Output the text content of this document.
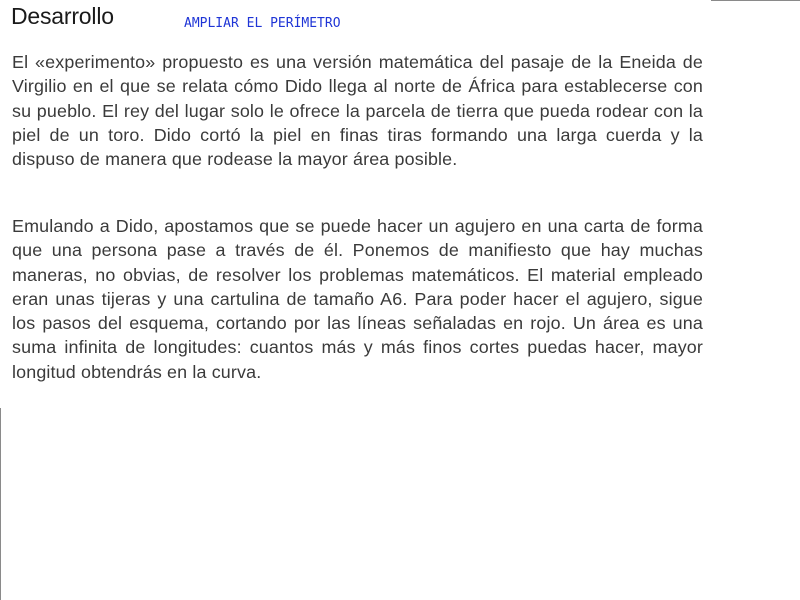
Desarrollo

El «experimento» propuesto es una versión matemática del pasaje de la Eneida de Virgilio en el que se relata cómo Dido llega al norte de África para establecerse con su pueblo. El rey del lugar solo le ofrece la parcela de tierra que pueda rodear con la piel de un toro. Dido cortó la piel en finas tiras formando una larga cuerda y la dispuso de manera que rodease la mayor área posible.

Emulando a Dido, apostamos que se puede hacer un agujero en una carta de forma que una persona pase a través de él. Ponemos de manifiesto que hay muchas maneras, no obvias, de resolver los problemas matemáticos. El material empleado eran unas tijeras y una cartulina de tamaño A6. Para poder hacer el agujero, sigue los pasos del esquema, cortando por las líneas señaladas en rojo. Un área es una suma infinita de longitudes: cuantos más y más finos cortes puedas hacer, mayor longitud obtendrás en la curva.

AMPLIAR EL PERÍMETRO
